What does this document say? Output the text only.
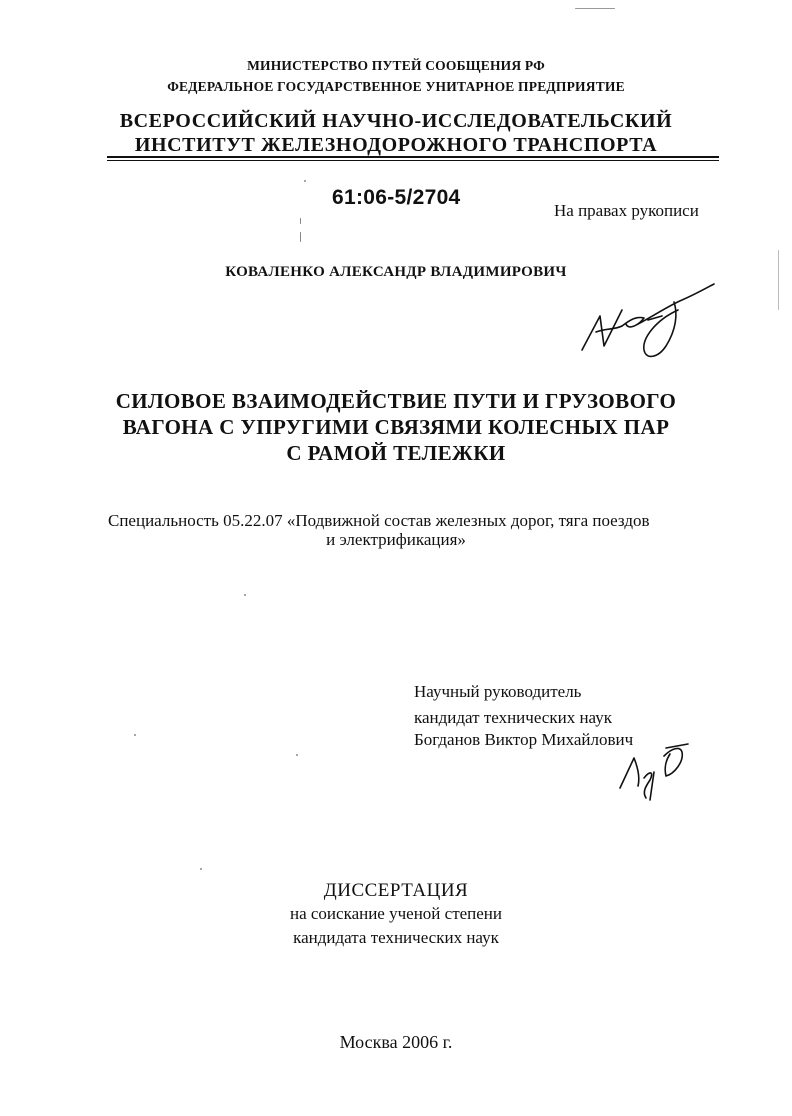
МИНИСТЕРСТВО ПУТЕЙ СООБЩЕНИЯ РФ
ФЕДЕРАЛЬНОЕ ГОСУДАРСТВЕННОЕ УНИТАРНОЕ ПРЕДПРИЯТИЕ
ВСЕРОССИЙСКИЙ НАУЧНО-ИССЛЕДОВАТЕЛЬСКИЙ
ИНСТИТУТ ЖЕЛЕЗНОДОРОЖНОГО ТРАНСПОРТА
61:06-5/2704
На правах рукописи
КОВАЛЕНКО АЛЕКСАНДР ВЛАДИМИРОВИЧ
СИЛОВОЕ ВЗАИМОДЕЙСТВИЕ ПУТИ И ГРУЗОВОГО
ВАГОНА С УПРУГИМИ СВЯЗЯМИ КОЛЕСНЫХ ПАР
С РАМОЙ ТЕЛЕЖКИ
Специальность 05.22.07 «Подвижной состав железных дорог, тяга поездов
и электрификация»
Научный руководитель
кандидат технических наук
Богданов Виктор Михайлович
ДИССЕРТАЦИЯ
на соискание ученой степени
кандидата технических наук
Москва 2006 г.
